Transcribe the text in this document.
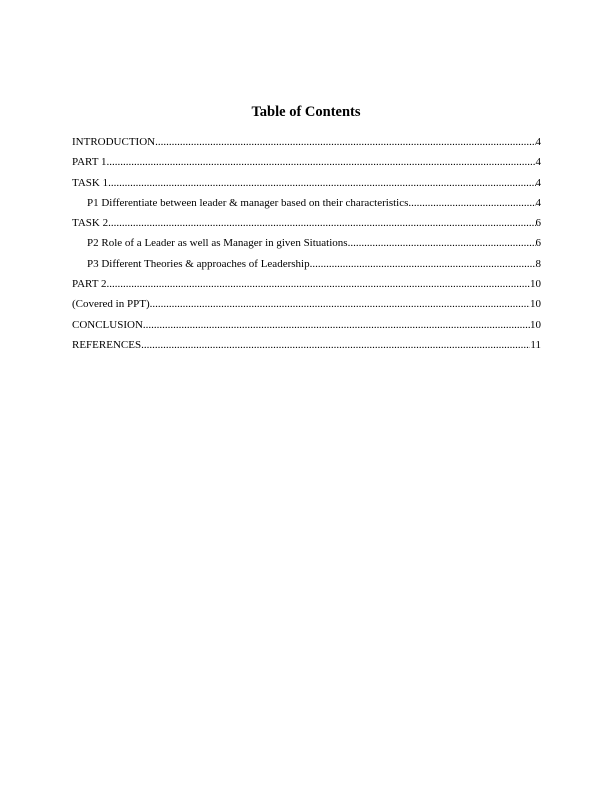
Table of Contents
INTRODUCTION .....	4
PART 1 .....	4
TASK 1 .....	4
P1 Differentiate between leader & manager based on their characteristics .....	4
TASK 2 .....	6
P2 Role of a Leader as well as Manager in given Situations .....	6
P3 Different Theories & approaches of Leadership .....	8
PART 2 .....	10
(Covered in PPT) .....	10
CONCLUSION .....	10
REFERENCES .....	11
